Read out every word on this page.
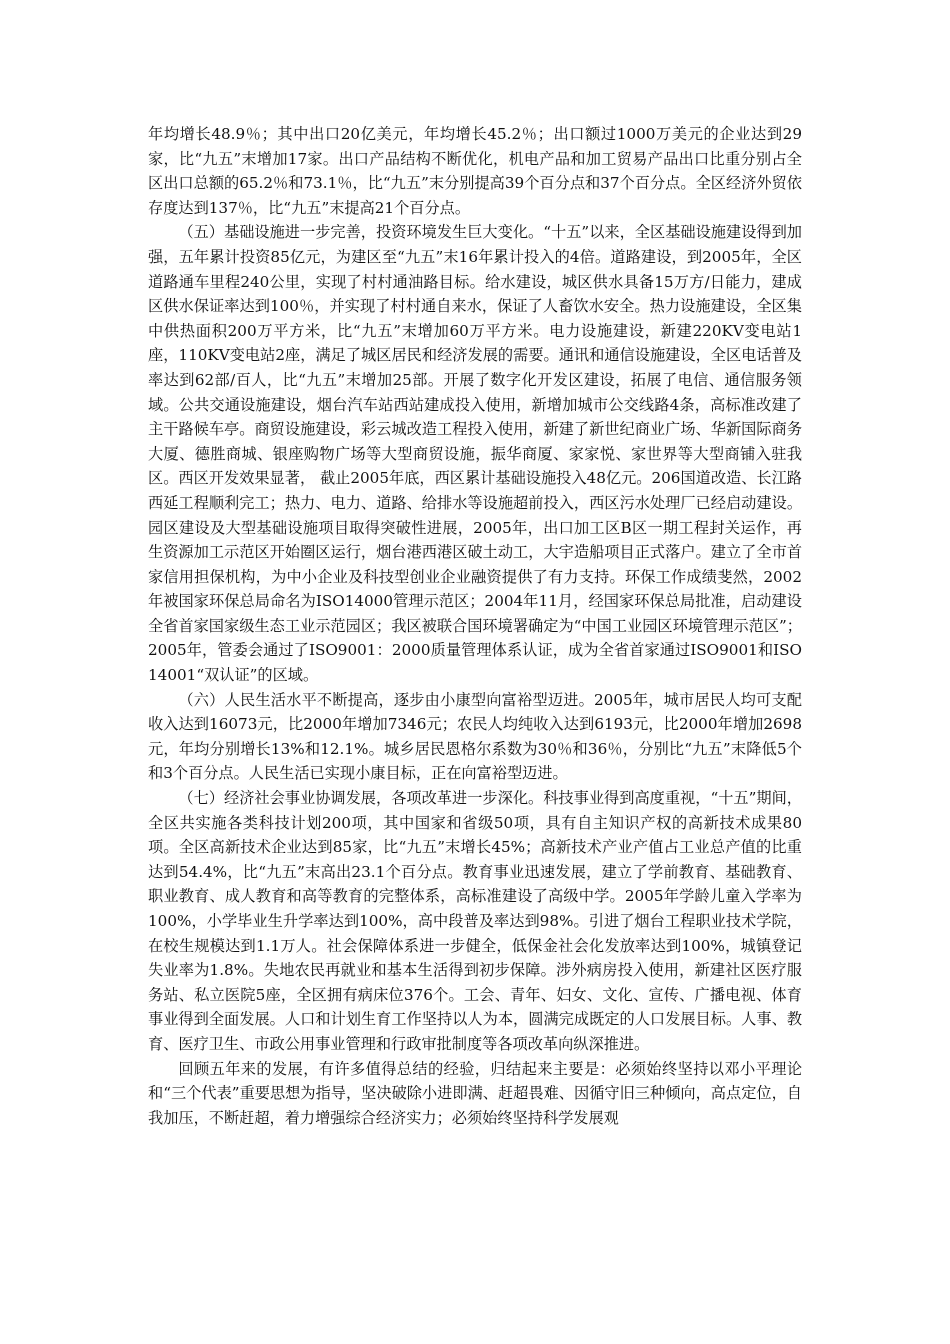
年均增长48.9％；其中出口20亿美元，年均增长45.2％；出口额过1000万美元的企业达到29家，比“九五”末增加17家。出口产品结构不断优化，机电产品和加工贸易产品出口比重分别占全区出口总额的65.2％和73.1％，比“九五”末分别提高39个百分点和37个百分点。全区经济外贸依存度达到137％，比“九五”末提高21个百分点。

（五）基础设施进一步完善，投资环境发生巨大变化。“十五”以来，全区基础设施建设得到加强，五年累计投资85亿元，为建区至“九五”末16年累计投入的4倍。道路建设，到2005年，全区道路通车里程240公里，实现了村村通油路目标。给水建设，城区供水具备15万方/日能力，建成区供水保证率达到100％，并实现了村村通自来水，保证了人畜饮水安全。热力设施建设，全区集中供热面积200万平方米，比“九五”末增加60万平方米。电力设施建设，新建220KV变电站1座，110KV变电站2座，满足了城区居民和经济发展的需要。通讯和通信设施建设，全区电话普及率达到62部/百人，比“九五”末增加25部。开展了数字化开发区建设，拓展了电信、通信服务领域。公共交通设施建设，烟台汽车站西站建成投入使用，新增加城市公交线路4条，高标准改建了主干路候车亭。商贸设施建设，彩云城改造工程投入使用，新建了新世纪商业广场、华新国际商务大厦、德胜商城、银座购物广场等大型商贸设施，振华商厦、家家悦、家世界等大型商铺入驻我区。西区开发效果显著， 截止2005年底，西区累计基础设施投入48亿元。206国道改造、长江路西延工程顺利完工；热力、电力、道路、给排水等设施超前投入，西区污水处理厂已经启动建设。园区建设及大型基础设施项目取得突破性进展，2005年，出口加工区B区一期工程封关运作，再生资源加工示范区开始圈区运行，烟台港西港区破土动工，大宇造船项目正式落户。建立了全市首家信用担保机构，为中小企业及科技型创业企业融资提供了有力支持。环保工作成绩斐然，2002年被国家环保总局命名为ISO14000管理示范区；2004年11月，经国家环保总局批准，启动建设全省首家国家级生态工业示范园区；我区被联合国环境署确定为“中国工业园区环境管理示范区”；2005年，管委会通过了ISO9001：2000质量管理体系认证，成为全省首家通过ISO9001和ISO14001“双认证”的区域。

（六）人民生活水平不断提高，逐步由小康型向富裕型迈进。2005年，城市居民人均可支配收入达到16073元，比2000年增加7346元；农民人均纯收入达到6193元，比2000年增加2698元，年均分别增长13%和12.1%。城乡居民恩格尔系数为30％和36％，分别比“九五”末降低5个和3个百分点。人民生活已实现小康目标，正在向富裕型迈进。

（七）经济社会事业协调发展，各项改革进一步深化。科技事业得到高度重视，“十五”期间，全区共实施各类科技计划200项，其中国家和省级50项，具有自主知识产权的高新技术成果80项。全区高新技术企业达到85家，比“九五”末增长45%；高新技术产业产值占工业总产值的比重达到54.4%，比“九五”末高出23.1个百分点。教育事业迅速发展，建立了学前教育、基础教育、职业教育、成人教育和高等教育的完整体系，高标准建设了高级中学。2005年学龄儿童入学率为100%，小学毕业生升学率达到100%，高中段普及率达到98%。引进了烟台工程职业技术学院，在校生规模达到1.1万人。社会保障体系进一步健全，低保金社会化发放率达到100%，城镇登记失业率为1.8%。失地农民再就业和基本生活得到初步保障。涉外病房投入使用，新建社区医疗服务站、私立医院5座，全区拥有病床位376个。工会、青年、妇女、文化、宣传、广播电视、体育事业得到全面发展。人口和计划生育工作坚持以人为本，圆满完成既定的人口发展目标。人事、教育、医疗卫生、市政公用事业管理和行政审批制度等各项改革向纵深推进。

回顾五年来的发展，有许多值得总结的经验，归结起来主要是：必须始终坚持以邓小平理论和“三个代表”重要思想为指导，坚决破除小进即满、赶超畏难、因循守旧三种倾向，高点定位，自我加压，不断赶超，着力增强综合经济实力；必须始终坚持科学发展观
